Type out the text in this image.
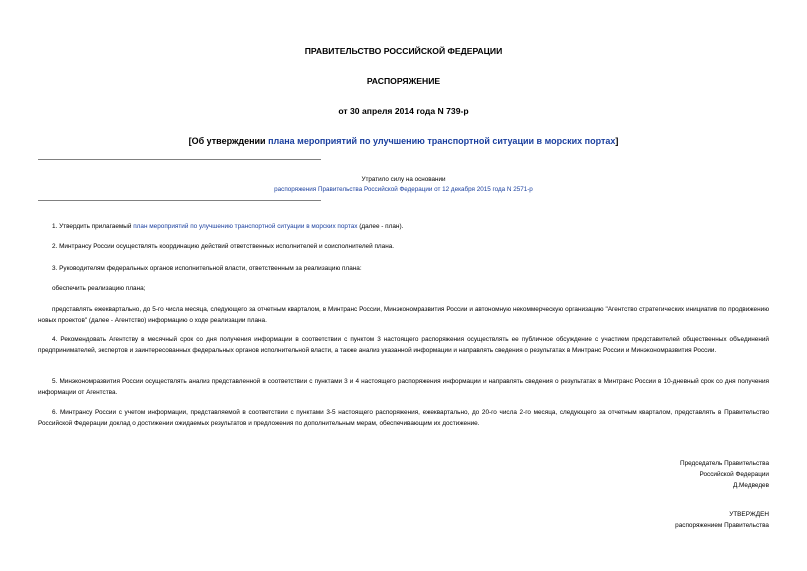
ПРАВИТЕЛЬСТВО РОССИЙСКОЙ ФЕДЕРАЦИИ
РАСПОРЯЖЕНИЕ
от 30 апреля 2014 года N 739-р
[Об утверждении плана мероприятий по улучшению транспортной ситуации в морских портах]
Утратило силу на основании
распоряжения Правительства Российской Федерации от 12 декабря 2015 года N 2571-р
1. Утвердить прилагаемый план мероприятий по улучшению транспортной ситуации в морских портах (далее - план).
2. Минтрансу России осуществлять координацию действий ответственных исполнителей и соисполнителей плана.
3. Руководителям федеральных органов исполнительной власти, ответственным за реализацию плана:
обеспечить реализацию плана;
представлять ежеквартально, до 5-го числа месяца, следующего за отчетным кварталом, в Минтранс России, Минэкономразвития России и автономную некоммерческую организацию "Агентство стратегических инициатив по продвижению новых проектов" (далее - Агентство) информацию о ходе реализации плана.
4. Рекомендовать Агентству в месячный срок со дня получения информации в соответствии с пунктом 3 настоящего распоряжения осуществлять ее публичное обсуждение с участием представителей общественных объединений предпринимателей, экспертов и заинтересованных федеральных органов исполнительной власти, а также анализ указанной информации и направлять сведения о результатах в Минтранс России и Минэкономразвития России.
5. Минэкономразвития России осуществлять анализ представленной в соответствии с пунктами 3 и 4 настоящего распоряжения информации и направлять сведения о результатах в Минтранс России в 10-дневный срок со дня получения информации от Агентства.
6. Минтрансу России с учетом информации, представляемой в соответствии с пунктами 3-5 настоящего распоряжения, ежеквартально, до 20-го числа 2-го месяца, следующего за отчетным кварталом, представлять в Правительство Российской Федерации доклад о достижении ожидаемых результатов и предложения по дополнительным мерам, обеспечивающим их достижение.
Председатель Правительства
Российской Федерации
Д.Медведев
УТВЕРЖДЕН
распоряжением Правительства
